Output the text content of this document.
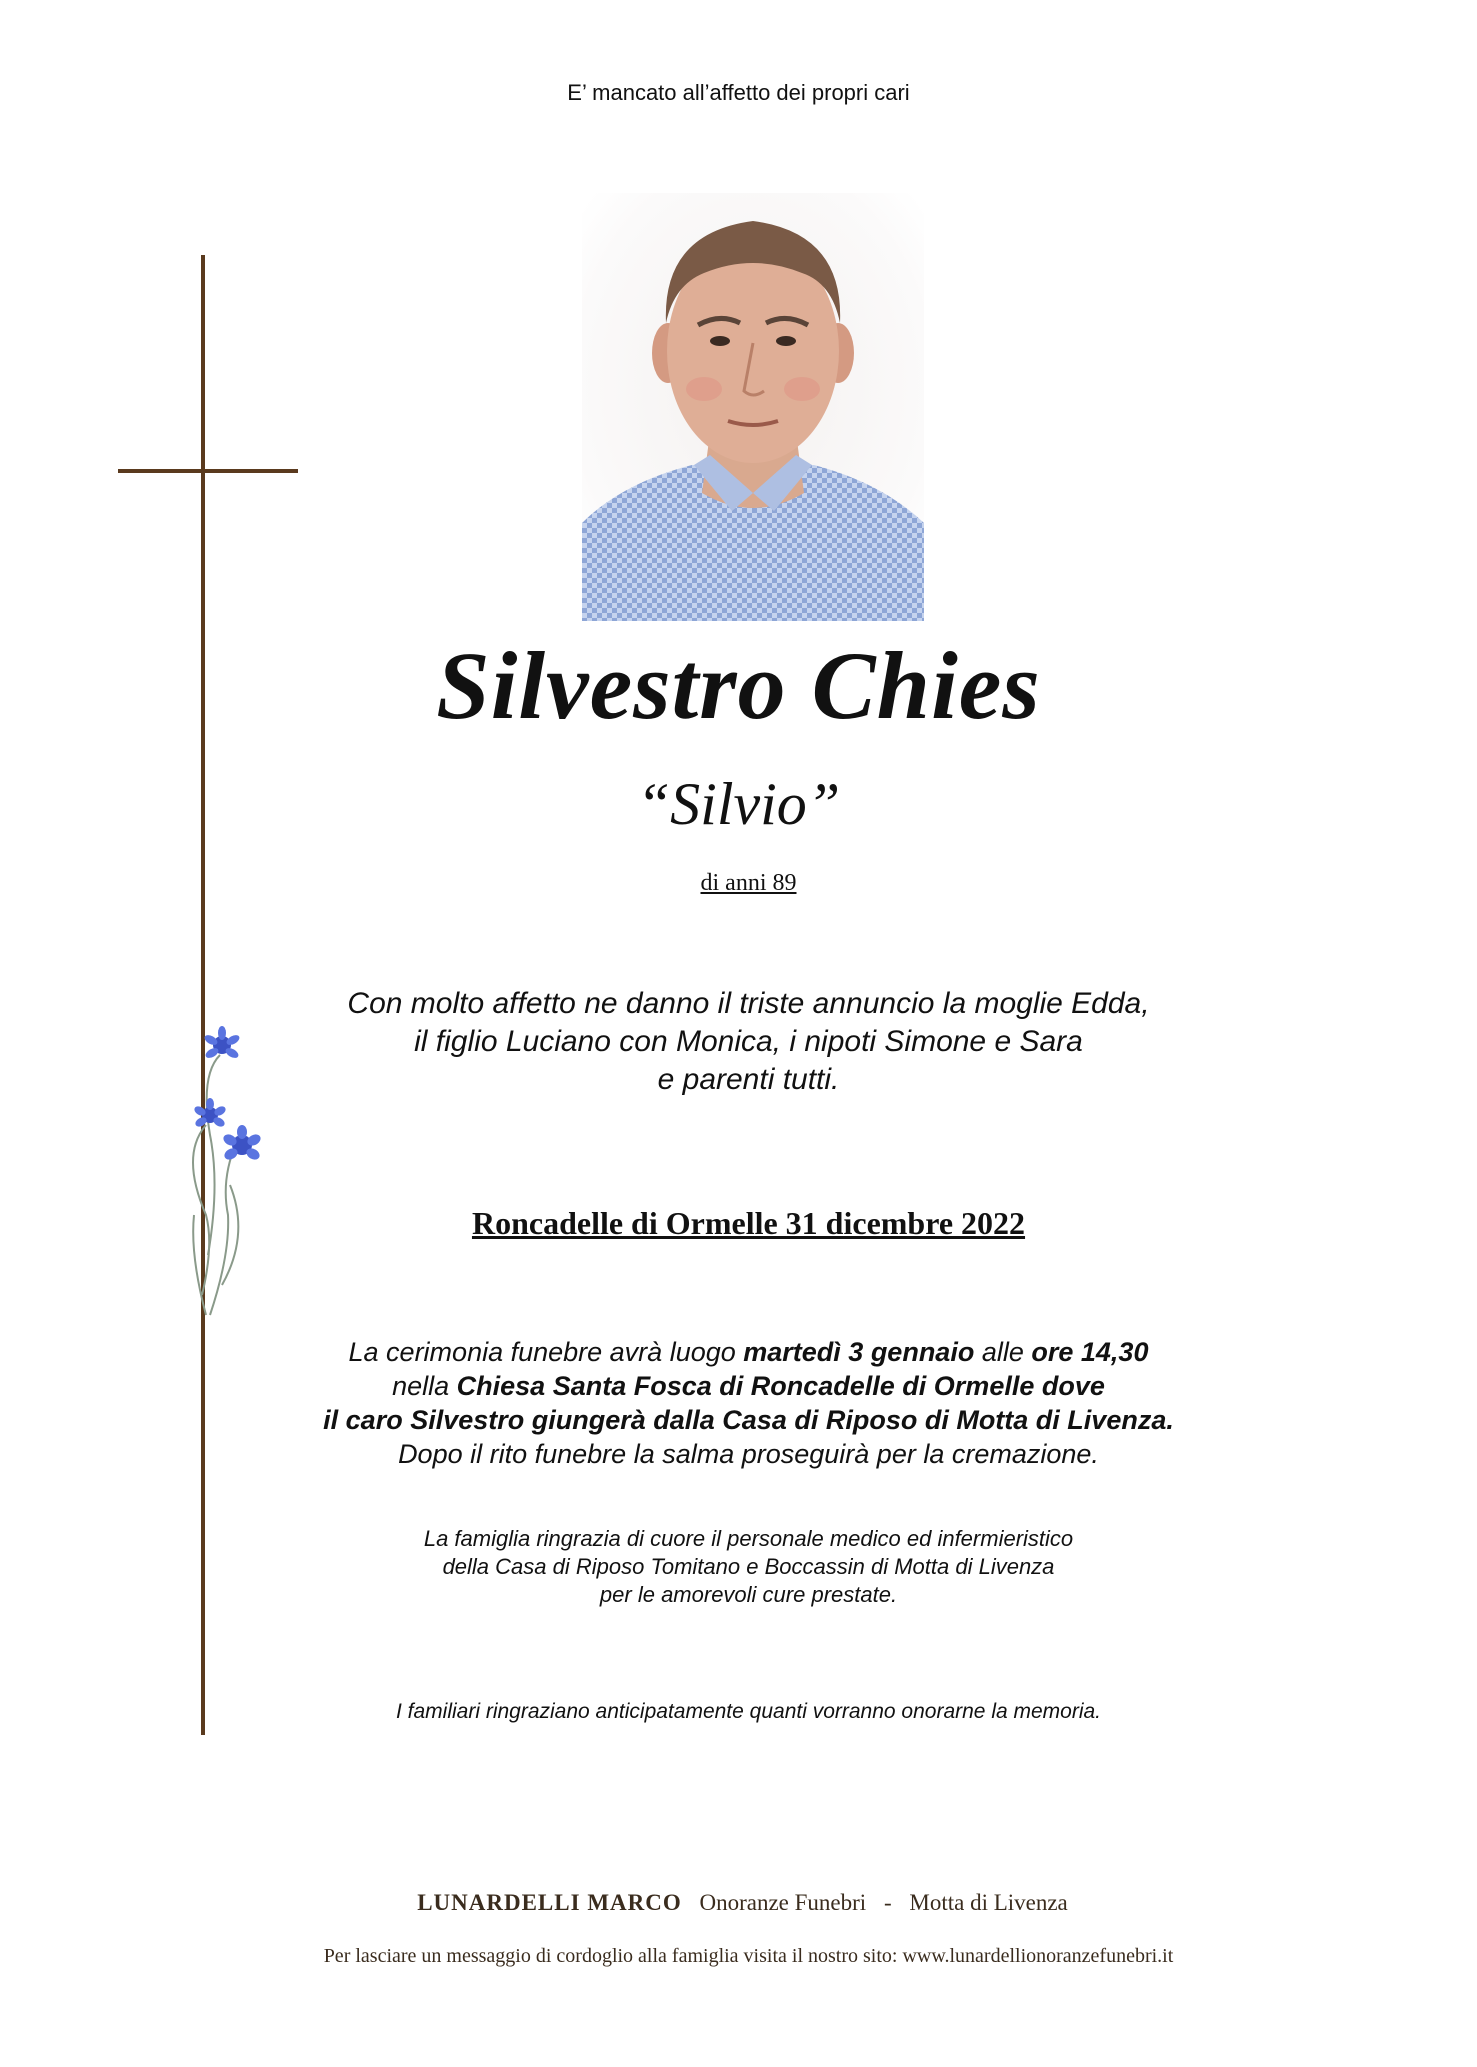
E’ mancato all’affetto dei propri cari
Silvestro Chies
“Silvio”
di anni 89
Con molto affetto ne danno il triste annuncio la moglie Edda,
il figlio Luciano con Monica, i nipoti Simone e Sara
e parenti tutti.
Roncadelle di Ormelle 31 dicembre 2022
La cerimonia funebre avrà luogo martedì 3 gennaio alle ore 14,30
nella Chiesa Santa Fosca di Roncadelle di Ormelle dove
il caro Silvestro giungerà dalla Casa di Riposo di Motta di Livenza.
Dopo il rito funebre la salma proseguirà per la cremazione.
La famiglia ringrazia di cuore il personale medico ed infermieristico
della Casa di Riposo Tomitano e Boccassin di Motta di Livenza
per le amorevoli cure prestate.
I familiari ringraziano anticipatamente quanti vorranno onorarne la memoria.
LUNARDELLI MARCO Onoranze Funebri - Motta di Livenza
Per lasciare un messaggio di cordoglio alla famiglia visita il nostro sito: www.lunardellionoranzefunebri.it
